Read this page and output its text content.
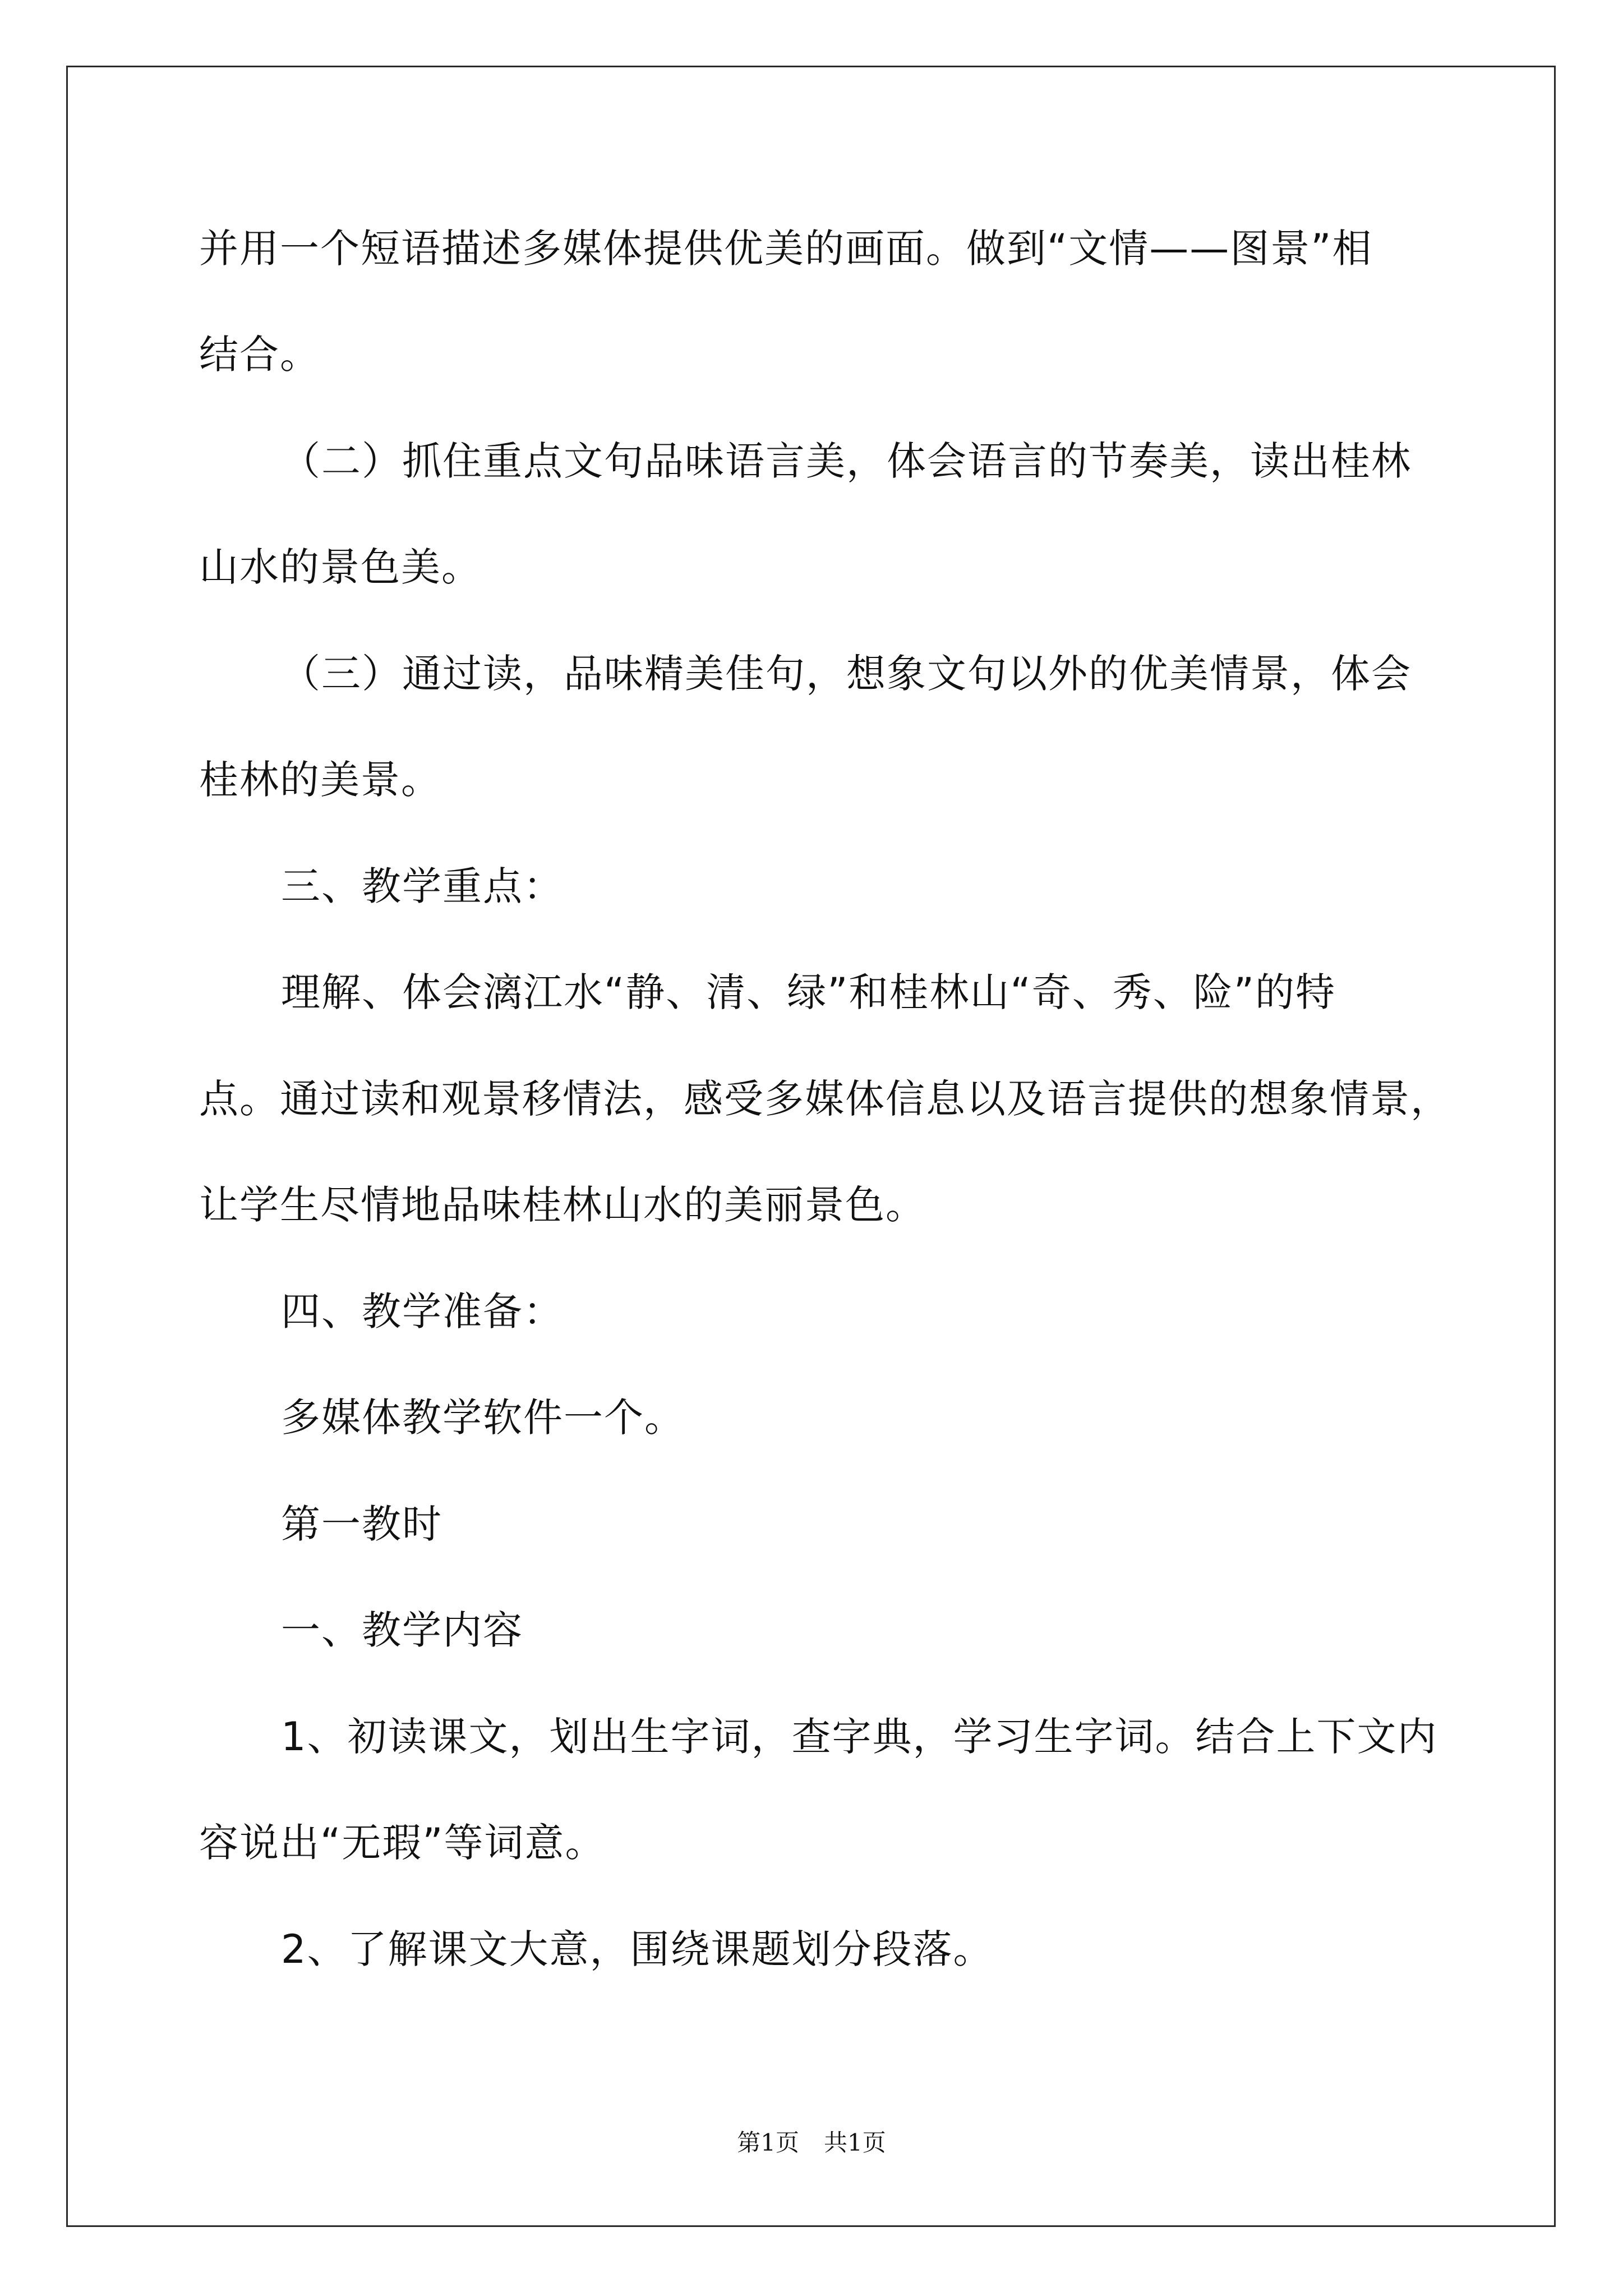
并用一个短语描述多媒体提供优美的画面。做到“文情——图景”相
结合。
（二）抓住重点文句品味语言美，体会语言的节奏美，读出桂林
山水的景色美。
（三）通过读，品味精美佳句，想象文句以外的优美情景，体会
桂林的美景。
三、教学重点：
理解、体会漓江水“静、清、绿”和桂林山“奇、秀、险”的特
点。通过读和观景移情法，感受多媒体信息以及语言提供的想象情景，
让学生尽情地品味桂林山水的美丽景色。
四、教学准备：
多媒体教学软件一个。
第一教时
一、教学内容
1、初读课文，划出生字词，查字典，学习生字词。结合上下文内
容说出“无瑕”等词意。
2、了解课文大意，围绕课题划分段落。
第1页 共1页
